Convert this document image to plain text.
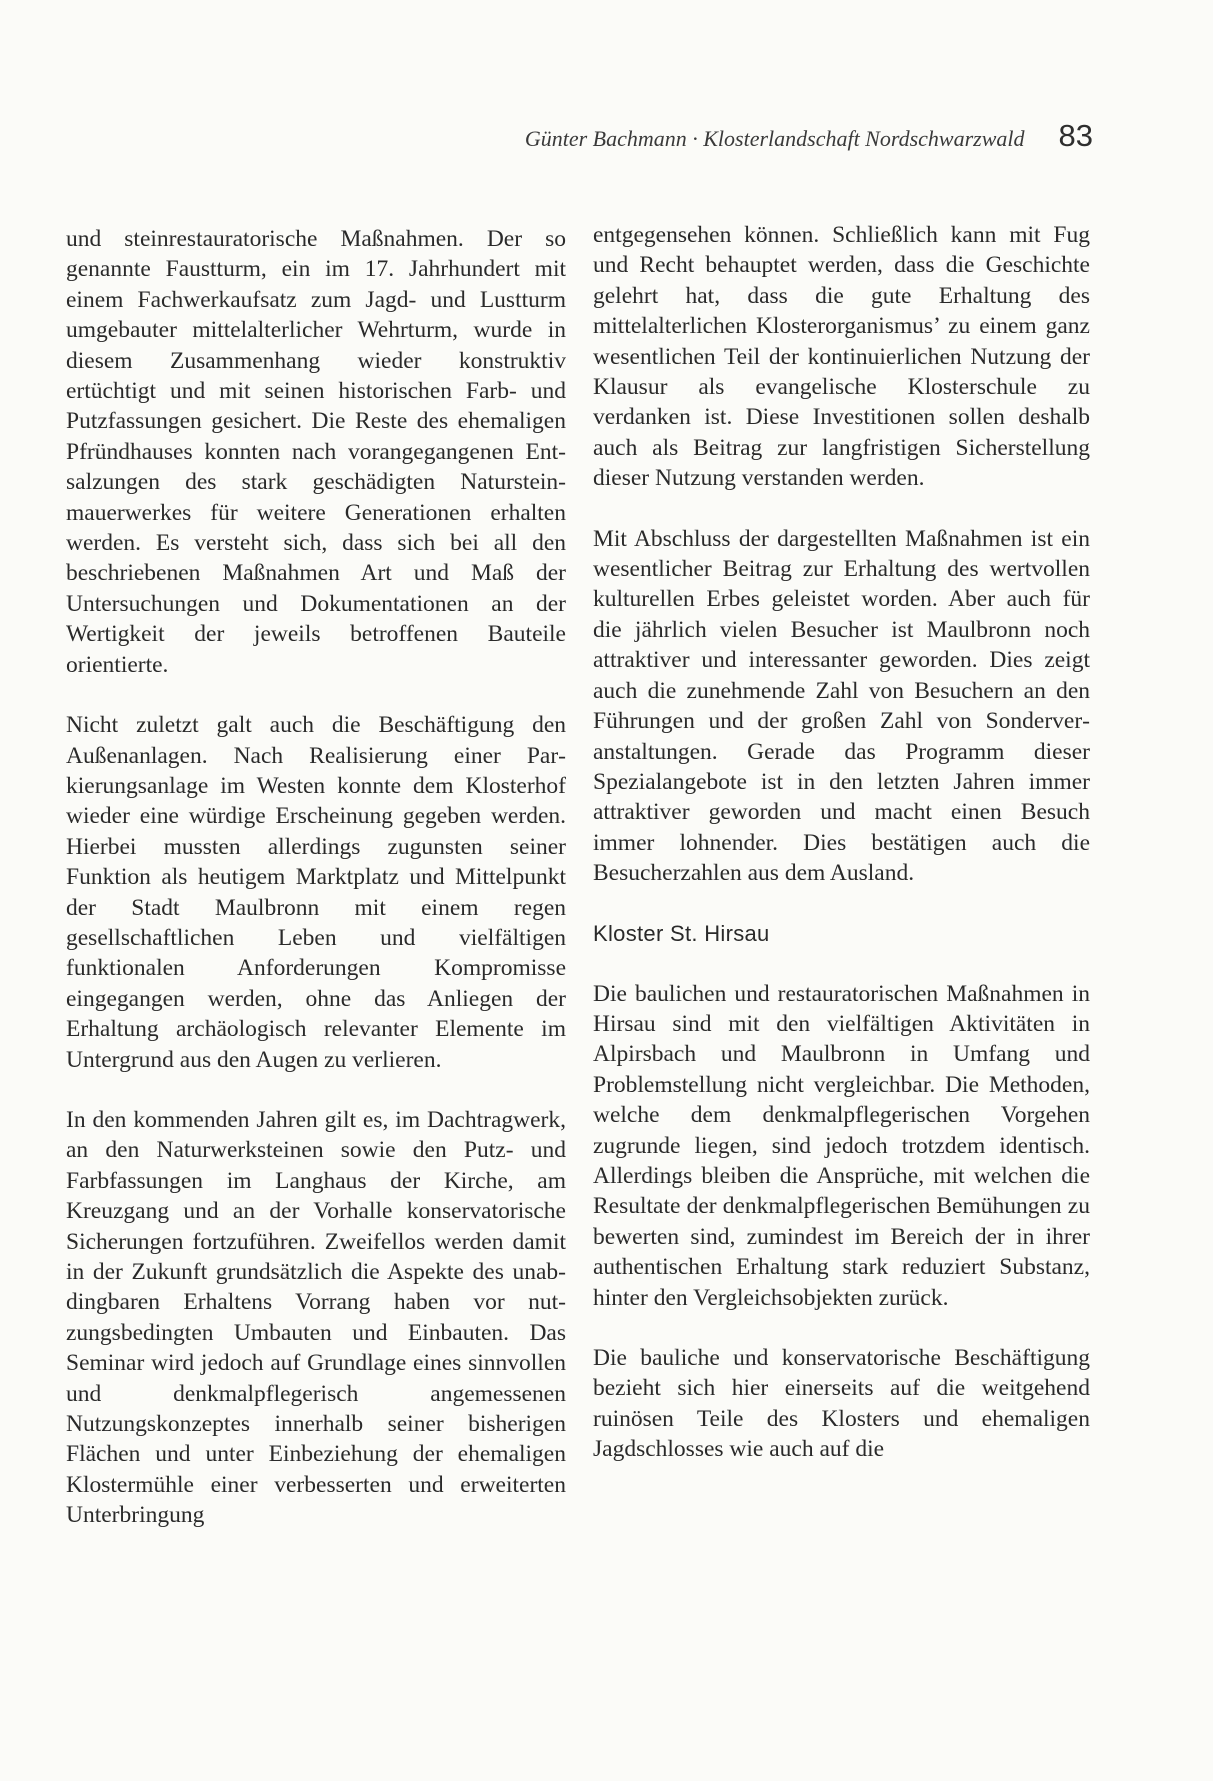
Günter Bachmann · Klosterlandschaft Nordschwarzwald 83

und steinrestauratorische Maßnahmen. Der so genannte Faustturm, ein im 17. Jahrhundert mit einem Fachwerkaufsatz zum Jagd- und Lustturm umgebauter mittelalterlicher Wehrturm, wurde in diesem Zusammenhang wieder konstruktiv ertüchtigt und mit seinen historischen Farb- und Putzfassungen gesichert. Die Reste des ehemaligen Pfründhauses konnten nach vorangegangenen Entsalzungen des stark geschädigten Natursteinmauerwerkes für weitere Generationen erhalten werden. Es versteht sich, dass sich bei all den beschriebenen Maßnahmen Art und Maß der Untersuchungen und Dokumentationen an der Wertigkeit der jeweils betroffenen Bauteile orientierte.

Nicht zuletzt galt auch die Beschäftigung den Außenanlagen. Nach Realisierung einer Parkierungsanlage im Westen konnte dem Klosterhof wieder eine würdige Erscheinung gegeben werden. Hierbei mussten allerdings zugunsten seiner Funktion als heutigem Marktplatz und Mittelpunkt der Stadt Maulbronn mit einem regen gesellschaftlichen Leben und vielfältigen funktionalen Anforderungen Kompromisse eingegangen werden, ohne das Anliegen der Erhaltung archäologisch relevanter Elemente im Untergrund aus den Augen zu verlieren.

In den kommenden Jahren gilt es, im Dachtragwerk, an den Naturwerksteinen sowie den Putz- und Farbfassungen im Langhaus der Kirche, am Kreuzgang und an der Vorhalle konservatorische Sicherungen fortzuführen. Zweifellos werden damit in der Zukunft grundsätzlich die Aspekte des unabdingbaren Erhaltens Vorrang haben vor nutzungsbedingten Umbauten und Einbauten. Das Seminar wird jedoch auf Grundlage eines sinnvollen und denkmalpflegerisch angemessenen Nutzungskonzeptes innerhalb seiner bisherigen Flächen und unter Einbeziehung der ehemaligen Klostermühle einer verbesserten und erweiterten Unterbringung

entgegensehen können. Schließlich kann mit Fug und Recht behauptet werden, dass die Geschichte gelehrt hat, dass die gute Erhaltung des mittelalterlichen Klosterorganismus’ zu einem ganz wesentlichen Teil der kontinuierlichen Nutzung der Klausur als evangelische Klosterschule zu verdanken ist. Diese Investitionen sollen deshalb auch als Beitrag zur langfristigen Sicherstellung dieser Nutzung verstanden werden.

Mit Abschluss der dargestellten Maßnahmen ist ein wesentlicher Beitrag zur Erhaltung des wertvollen kulturellen Erbes geleistet worden. Aber auch für die jährlich vielen Besucher ist Maulbronn noch attraktiver und interessanter geworden. Dies zeigt auch die zunehmende Zahl von Besuchern an den Führungen und der großen Zahl von Sonderveranstaltungen. Gerade das Programm dieser Spezialangebote ist in den letzten Jahren immer attraktiver geworden und macht einen Besuch immer lohnender. Dies bestätigen auch die Besucherzahlen aus dem Ausland.

Kloster St. Hirsau

Die baulichen und restauratorischen Maßnahmen in Hirsau sind mit den vielfältigen Aktivitäten in Alpirsbach und Maulbronn in Umfang und Problemstellung nicht vergleichbar. Die Methoden, welche dem denkmalpflegerischen Vorgehen zugrunde liegen, sind jedoch trotzdem identisch. Allerdings bleiben die Ansprüche, mit welchen die Resultate der denkmalpflegerischen Bemühungen zu bewerten sind, zumindest im Bereich der in ihrer authentischen Erhaltung stark reduziert Substanz, hinter den Vergleichsobjekten zurück.

Die bauliche und konservatorische Beschäftigung bezieht sich hier einerseits auf die weitgehend ruinösen Teile des Klosters und ehemaligen Jagdschlosses wie auch auf die
